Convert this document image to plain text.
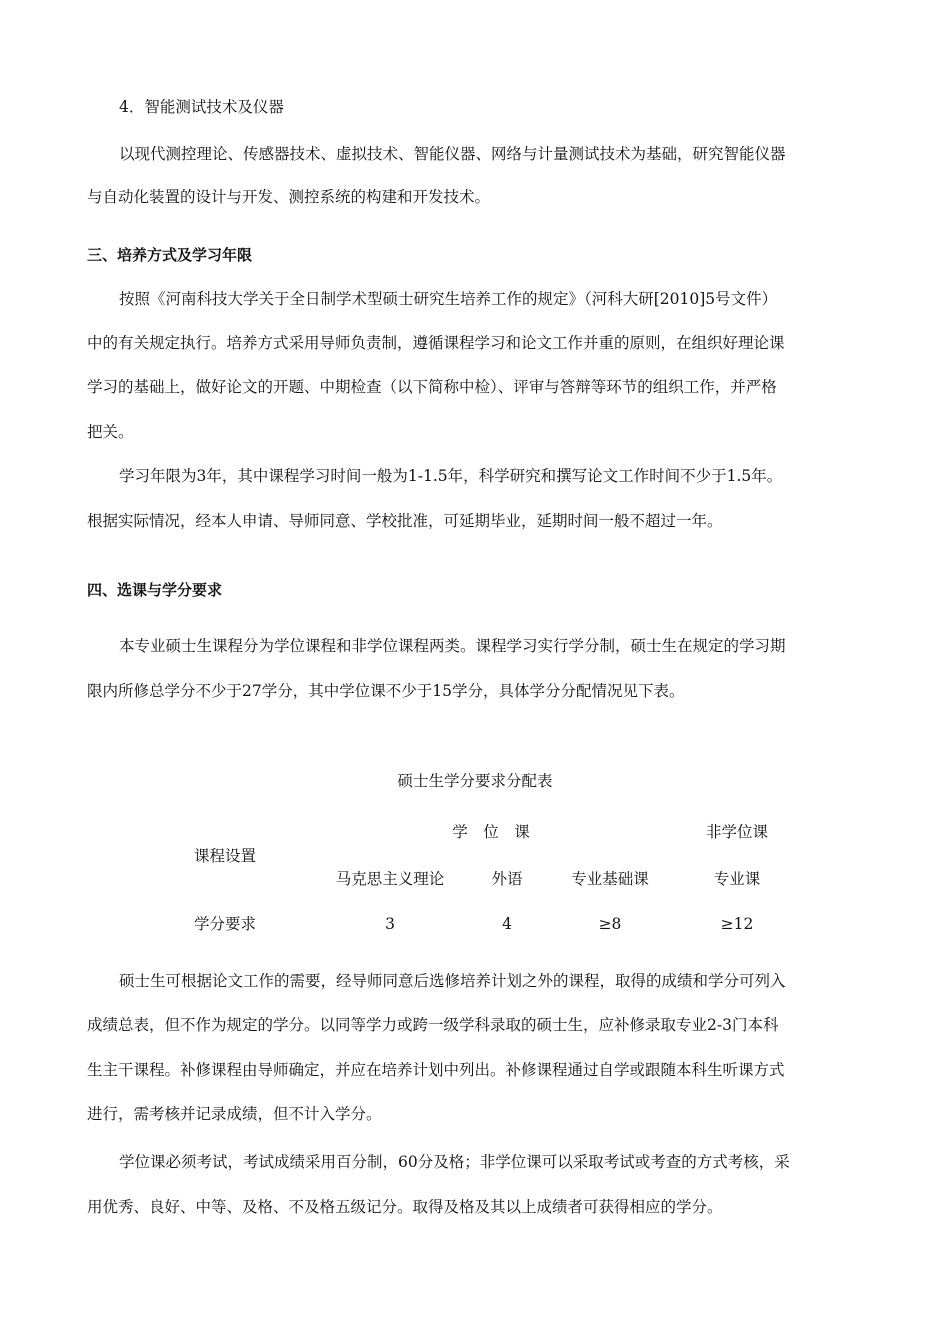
4．智能测试技术及仪器
以现代测控理论、传感器技术、虚拟技术、智能仪器、网络与计量测试技术为基础，研究智能仪器
与自动化装置的设计与开发、测控系统的构建和开发技术。
三、培养方式及学习年限
按照《河南科技大学关于全日制学术型硕士研究生培养工作的规定》（河科大研[2010]5号文件）
中的有关规定执行。培养方式采用导师负责制，遵循课程学习和论文工作并重的原则，在组织好理论课
学习的基础上，做好论文的开题、中期检查（以下简称中检）、评审与答辩等环节的组织工作，并严格
把关。
学习年限为3年，其中课程学习时间一般为1-1.5年，科学研究和撰写论文工作时间不少于1.5年。
根据实际情况，经本人申请、导师同意、学校批准，可延期毕业，延期时间一般不超过一年。
四、选课与学分要求
本专业硕士生课程分为学位课程和非学位课程两类。课程学习实行学分制，硕士生在规定的学习期
限内所修总学分不少于27学分，其中学位课不少于15学分，具体学分分配情况见下表。
硕士生学分要求分配表
学　位　课	非学位课
课程设置
马克思主义理论	外语	专业基础课	专业课
学分要求	3	4	≥8	≥12
硕士生可根据论文工作的需要，经导师同意后选修培养计划之外的课程，取得的成绩和学分可列入
成绩总表，但不作为规定的学分。以同等学力或跨一级学科录取的硕士生，应补修录取专业2-3门本科
生主干课程。补修课程由导师确定，并应在培养计划中列出。补修课程通过自学或跟随本科生听课方式
进行，需考核并记录成绩，但不计入学分。
学位课必须考试，考试成绩采用百分制，60分及格；非学位课可以采取考试或考查的方式考核，采
用优秀、良好、中等、及格、不及格五级记分。取得及格及其以上成绩者可获得相应的学分。
